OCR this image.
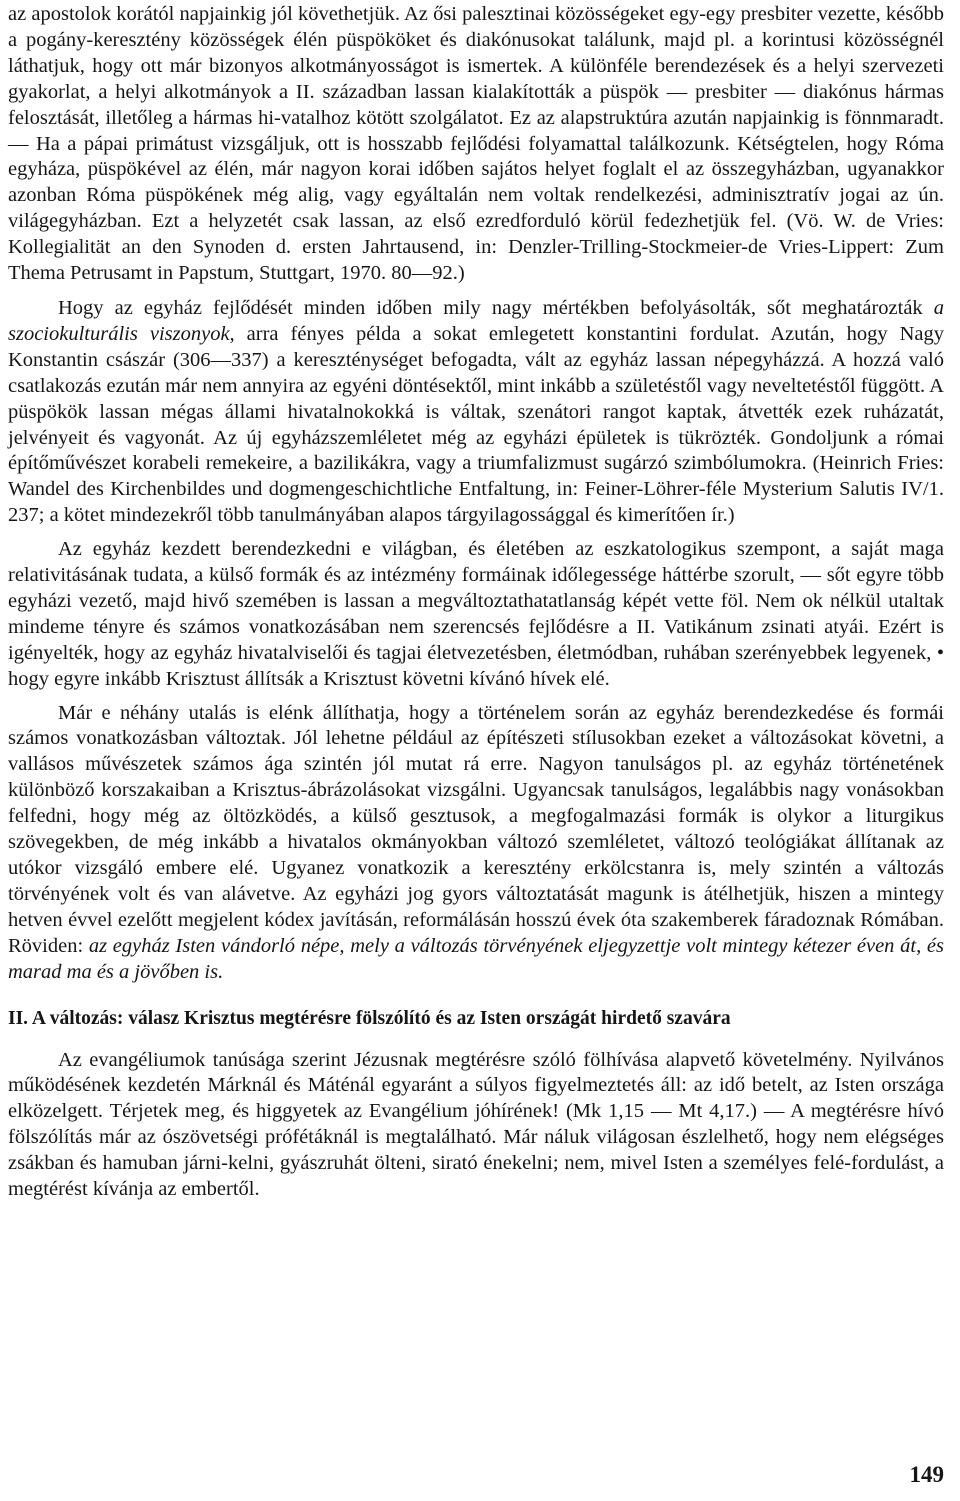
az apostolok korától napjainkig jól követhetjük. Az ősi palesztinai közösségeket egy-egy presbiter vezette, később a pogány-keresztény közösségek élén püspököket és diakónusokat találunk, majd pl. a korintusi közösségnél láthatjuk, hogy ott már bizonyos alkotmányosságot is ismertek. A különféle berendezések és a helyi szervezeti gyakorlat, a helyi alkotmányok a II. században lassan kialakították a püspök — presbiter — diakónus hármas felosztását, illetőleg a hármas hi-vatalhoz kötött szolgálatot. Ez az alapstruktúra azután napjainkig is fönnmaradt. — Ha a pápai primátust vizsgáljuk, ott is hosszabb fejlődési folyamattal találkozunk. Kétségtelen, hogy Róma egyháza, püspökével az élén, már nagyon korai időben sajátos helyet foglalt el az összegyházban, ugyanakkor azonban Róma püspökének még alig, vagy egyáltalán nem voltak rendelkezési, adminisztratív jogai az ún. világegyházban. Ezt a helyzetét csak lassan, az első ezredforduló körül fedezhetjük fel. (Vö. W. de Vries: Kollegialität an den Synoden d. ersten Jahrtausend, in: Denzler-Trilling-Stockmeier-de Vries-Lippert: Zum Thema Petrusamt in Papstum, Stuttgart, 1970. 80—92.)

Hogy az egyház fejlődését minden időben mily nagy mértékben befolyásolták, sőt meghatározták a szociokulturális viszonyok, arra fényes példa a sokat emlegetett konstantini fordulat. Azután, hogy Nagy Konstantin császár (306—337) a kereszténységet befogadta, vált az egyház lassan népegyházzá. A hozzá való csatlakozás ezután már nem annyira az egyéni döntésektől, mint inkább a születéstől vagy neveltetéstől függött. A püspökök lassan mégas állami hivatalnokokká is váltak, szenátori rangot kaptak, átvették ezek ruházatát, jelvényeit és vagyonát. Az új egyházszemléletet még az egyházi épületek is tükrözték. Gondoljunk a római építőművészet korabeli remekeire, a bazilikákra, vagy a triumfalizmust sugárzó szimbólumokra. (Heinrich Fries: Wandel des Kirchenbildes und dogmengeschichtliche Entfaltung, in: Feiner-Löhrer-féle Mysterium Salutis IV/1. 237; a kötet mindezekről több tanulmányában alapos tárgyilagossággal és kimerítően ír.)

Az egyház kezdett berendezkedni e világban, és életében az eszkatologikus szempont, a saját maga relativitásának tudata, a külső formák és az intézmény formáinak időlegessége háttérbe szorult, — sőt egyre több egyházi vezető, majd hivő szemében is lassan a megváltoztathatatlanság képét vette föl. Nem ok nélkül utaltak mindeme tényre és számos vonatkozásában nem szerencsés fejlődésre a II. Vatikánum zsinati atyái. Ezért is igényelték, hogy az egyház hivatalviselői és tagjai életvezetésben, életmódban, ruhában szerényebbek legyenek, • hogy egyre inkább Krisztust állítsák a Krisztust követni kívánó hívek elé.

Már e néhány utalás is elénk állíthatja, hogy a történelem során az egyház berendezkedése és formái számos vonatkozásban változtak. Jól lehetne például az építészeti stílusokban ezeket a változásokat követni, a vallásos művészetek számos ága szintén jól mutat rá erre. Nagyon tanulságos pl. az egyház történetének különböző korszakaiban a Krisztus-ábrázolásokat vizsgálni. Ugyancsak tanulságos, legalábbis nagy vonásokban felfedni, hogy még az öltözködés, a külső gesztusok, a megfogalmazási formák is olykor a liturgikus szövegekben, de még inkább a hivatalos okmányokban változó szemléletet, változó teológiákat állítanak az utókor vizsgáló embere elé. Ugyanez vonatkozik a keresztény erkölcstanra is, mely szintén a változás törvényének volt és van alávetve. Az egyházi jog gyors változtatását magunk is átélhetjük, hiszen a mintegy hetven évvel ezelőtt megjelent kódex javításán, reformálásán hosszú évek óta szakemberek fáradoznak Rómában. Röviden: az egyház Isten vándorló népe, mely a változás törvényének eljegyzettje volt mintegy kétezer éven át, és marad ma és a jövőben is.

II. A változás: válasz Krisztus megtérésre fölszólító és az Isten országát hirdető szavára

Az evangéliumok tanúsága szerint Jézusnak megtérésre szóló fölhívása alapvető követelmény. Nyilvános működésének kezdetén Márknál és Máténál egyaránt a súlyos figyelmeztetés áll: az idő betelt, az Isten országa elközelgett. Térjetek meg, és higgyetek az Evangélium jóhírének! (Mk 1,15 — Mt 4,17.) — A megtérésre hívó fölszólítás már az ószövetségi prófétáknál is megtalálható. Már náluk világosan észlelhető, hogy nem elégséges zsákban és hamuban járni-kelni, gyászruhát ölteni, sirató énekelni; nem, mivel Isten a személyes felé-fordulást, a megtérést kívánja az embertől.

149
